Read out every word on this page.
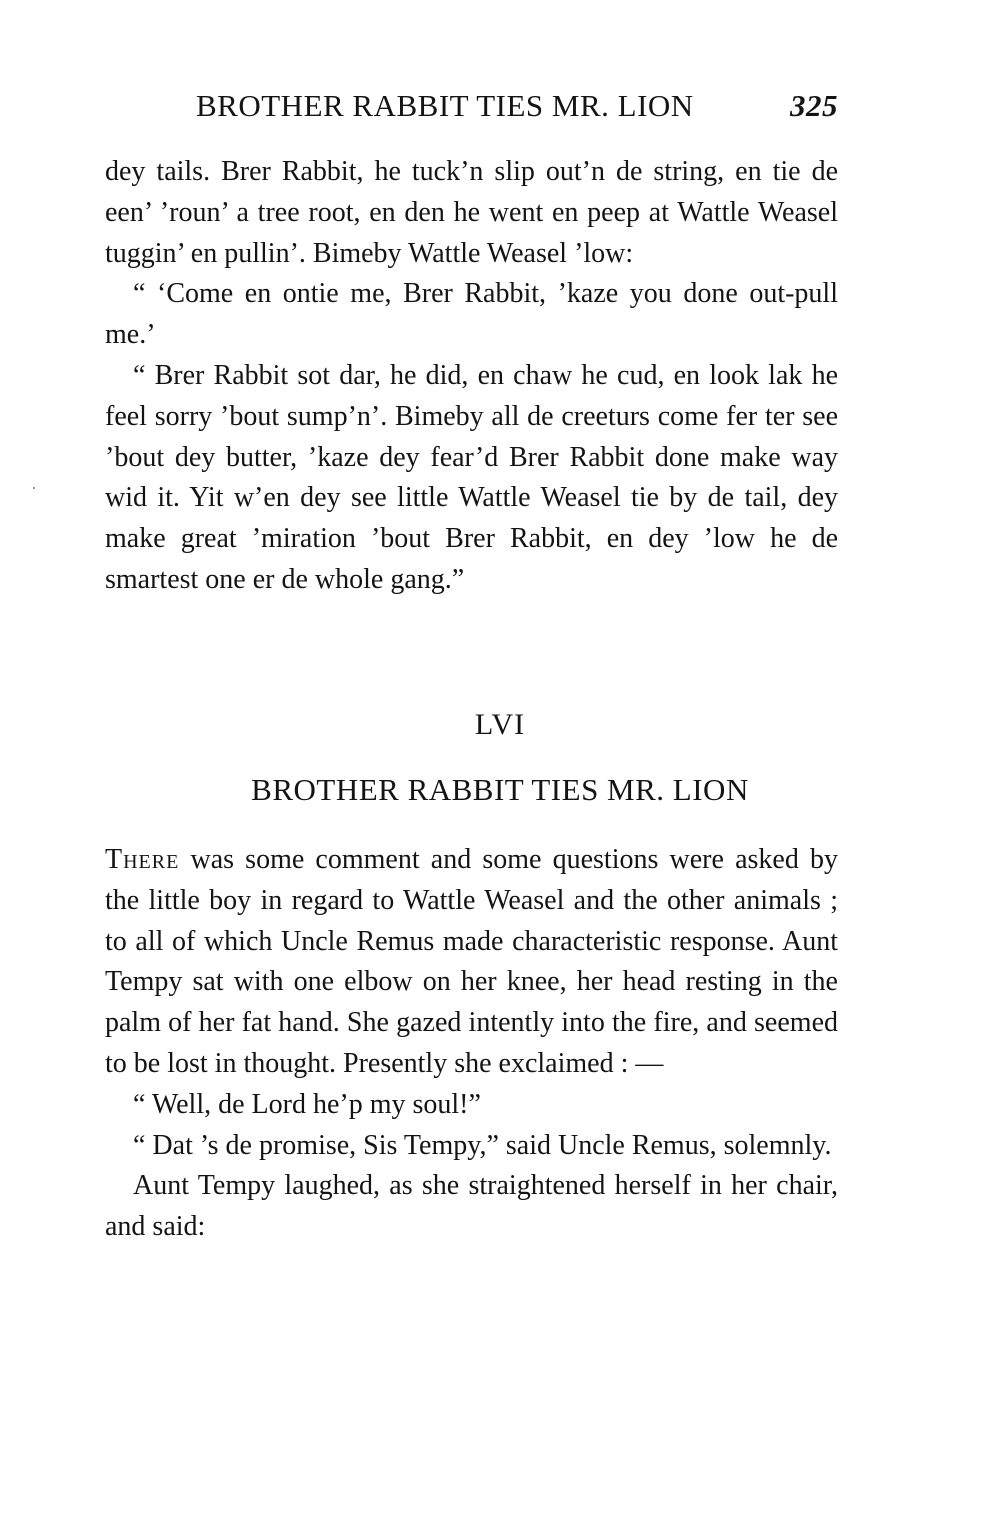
BROTHER RABBIT TIES MR. LION	325

dey tails. Brer Rabbit, he tuck’n slip out’n de string, en tie de een’ ’roun’ a tree root, en den he went en peep at Wattle Weasel tuggin’ en pullin’. Bimeby Wattle Weasel ’low:

“ ‘Come en ontie me, Brer Rabbit, ’kaze you done out-pull me.’

“ Brer Rabbit sot dar, he did, en chaw he cud, en look lak he feel sorry ’bout sump’n’. Bimeby all de creeturs come fer ter see ’bout dey butter, ’kaze dey fear’d Brer Rabbit done make way wid it. Yit w’en dey see little Wattle Weasel tie by de tail, dey make great ’miration ’bout Brer Rabbit, en dey ’low he de smartest one er de whole gang.”

LVI
BROTHER RABBIT TIES MR. LION

There was some comment and some questions were asked by the little boy in regard to Wattle Weasel and the other animals ; to all of which Uncle Remus made characteristic response. Aunt Tempy sat with one elbow on her knee, her head resting in the palm of her fat hand. She gazed intently into the fire, and seemed to be lost in thought. Presently she exclaimed : —

“ Well, de Lord he’p my soul!”

“ Dat ’s de promise, Sis Tempy,” said Uncle Remus, solemnly.

Aunt Tempy laughed, as she straightened herself in her chair, and said:
